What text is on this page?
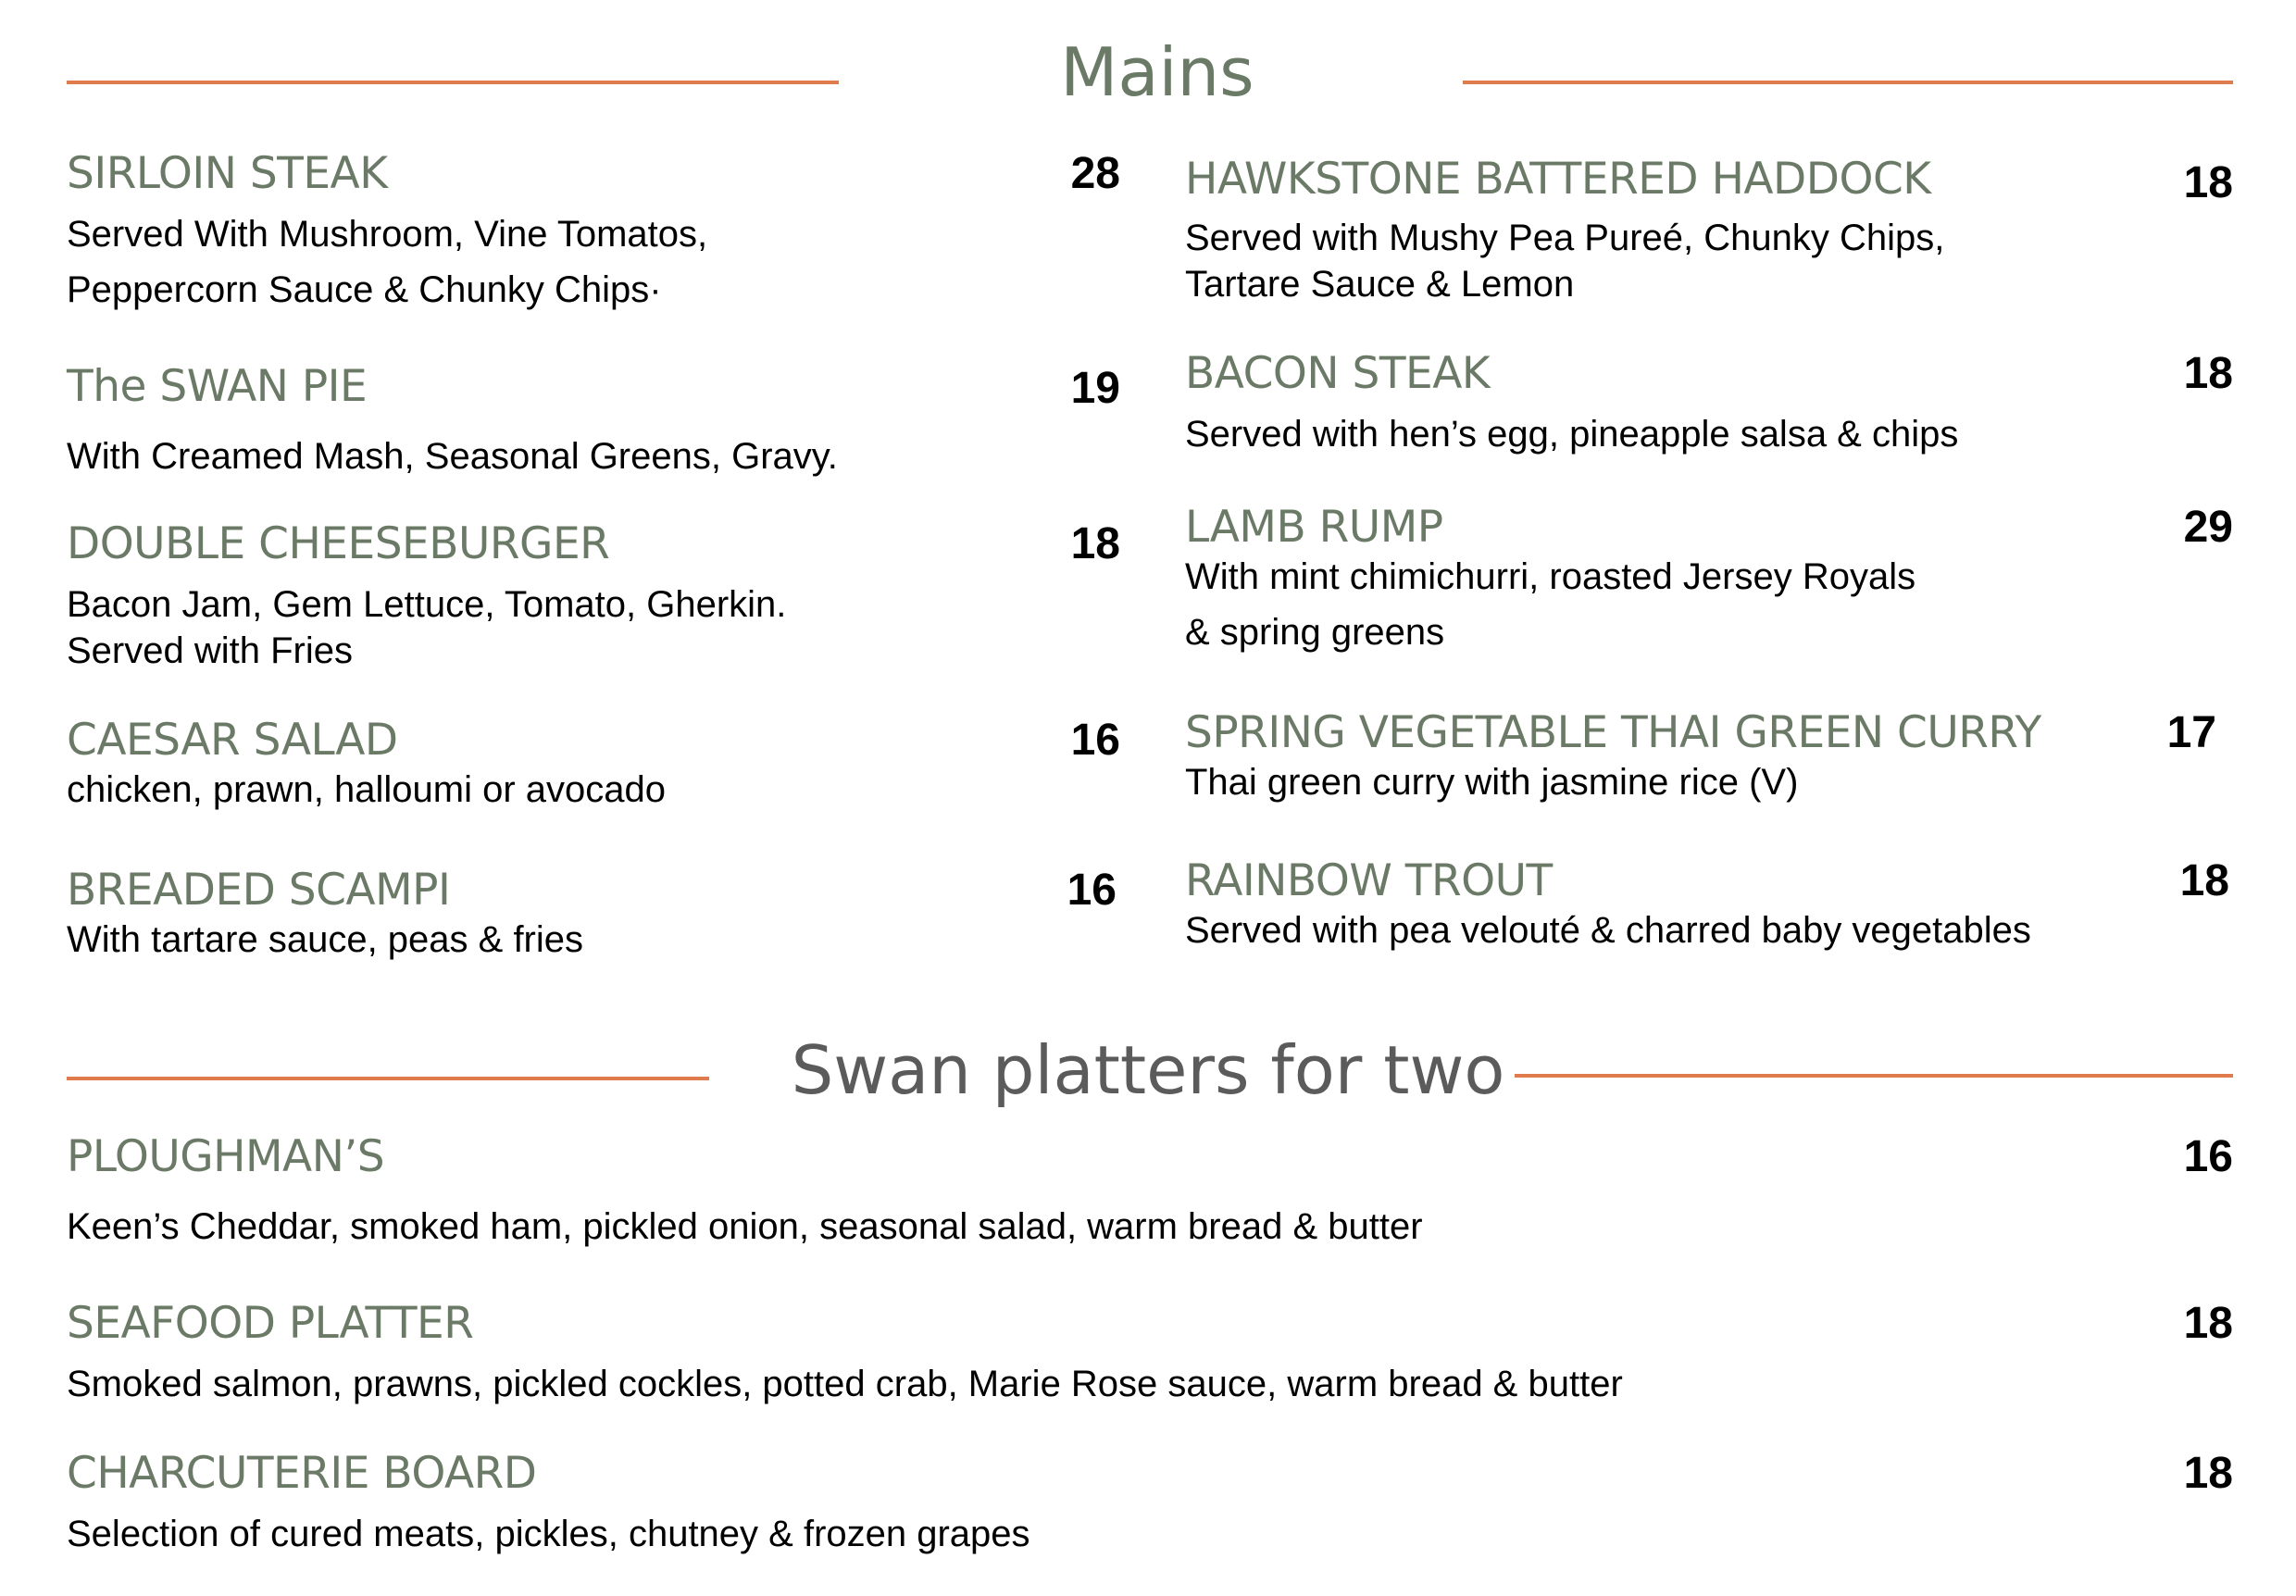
Mains
SIRLOIN STEAK	28
Served With Mushroom, Vine Tomatos,
Peppercorn Sauce & Chunky Chips·
The SWAN PIE	19
With Creamed Mash, Seasonal Greens, Gravy.
DOUBLE CHEESEBURGER	18
Bacon Jam, Gem Lettuce, Tomato, Gherkin.
Served with Fries
CAESAR SALAD	16
chicken, prawn, halloumi or avocado
BREADED SCAMPI	16
With tartare sauce, peas & fries
HAWKSTONE BATTERED HADDOCK	18
Served with Mushy Pea Pureé, Chunky Chips,
Tartare Sauce & Lemon
BACON STEAK	18
Served with hen’s egg, pineapple salsa & chips
LAMB RUMP	29
With mint chimichurri, roasted Jersey Royals
& spring greens
SPRING VEGETABLE THAI GREEN CURRY	17
Thai green curry with jasmine rice (V)
RAINBOW TROUT	18
Served with pea velouté & charred baby vegetables
Swan platters for two
PLOUGHMAN’S	16
Keen’s Cheddar, smoked ham, pickled onion, seasonal salad, warm bread & butter
SEAFOOD PLATTER	18
Smoked salmon, prawns, pickled cockles, potted crab, Marie Rose sauce, warm bread & butter
CHARCUTERIE BOARD	18
Selection of cured meats, pickles, chutney & frozen grapes
